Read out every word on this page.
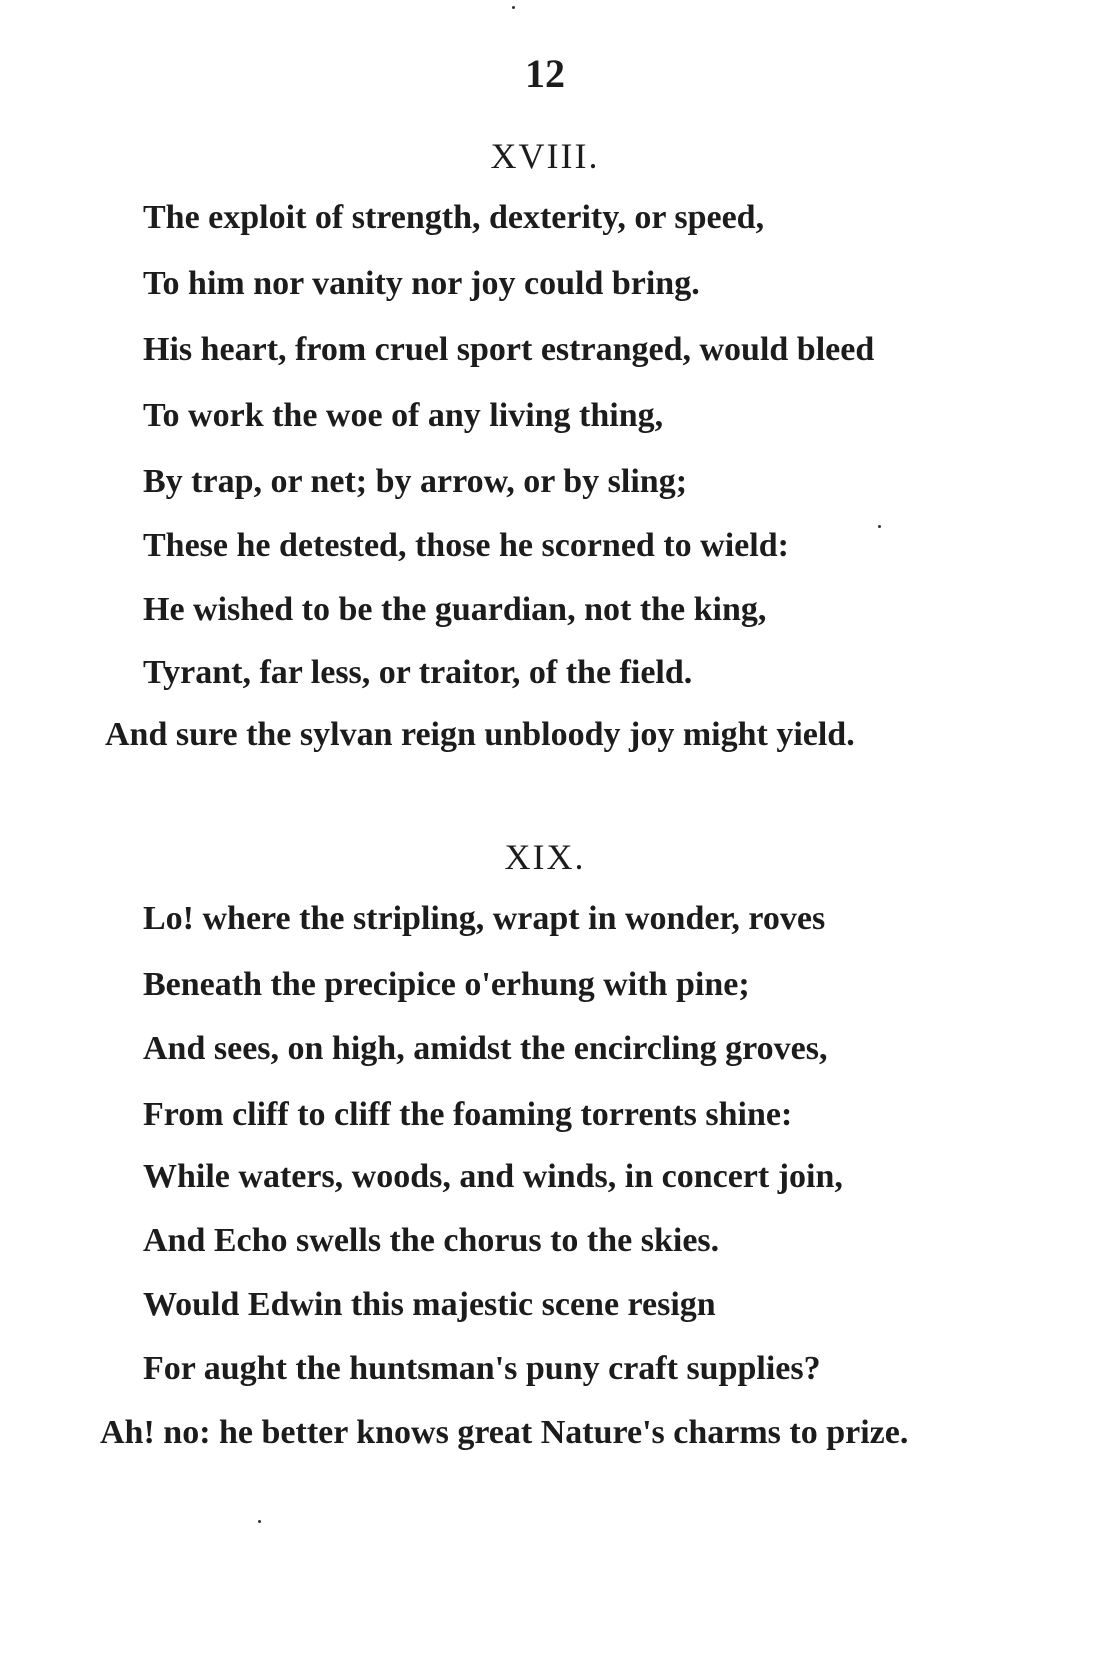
12
XVIII.
The exploit of strength, dexterity, or speed,
To him nor vanity nor joy could bring.
His heart, from cruel sport estranged, would bleed
To work the woe of any living thing,
By trap, or net; by arrow, or by sling;
These he detested, those he scorned to wield:
He wished to be the guardian, not the king,
Tyrant, far less, or traitor, of the field.
And sure the sylvan reign unbloody joy might yield.
XIX.
Lo! where the stripling, wrapt in wonder, roves
Beneath the precipice o'erhung with pine;
And sees, on high, amidst the encircling groves,
From cliff to cliff the foaming torrents shine:
While waters, woods, and winds, in concert join,
And Echo swells the chorus to the skies.
Would Edwin this majestic scene resign
For aught the huntsman's puny craft supplies?
Ah! no: he better knows great Nature's charms to prize.
